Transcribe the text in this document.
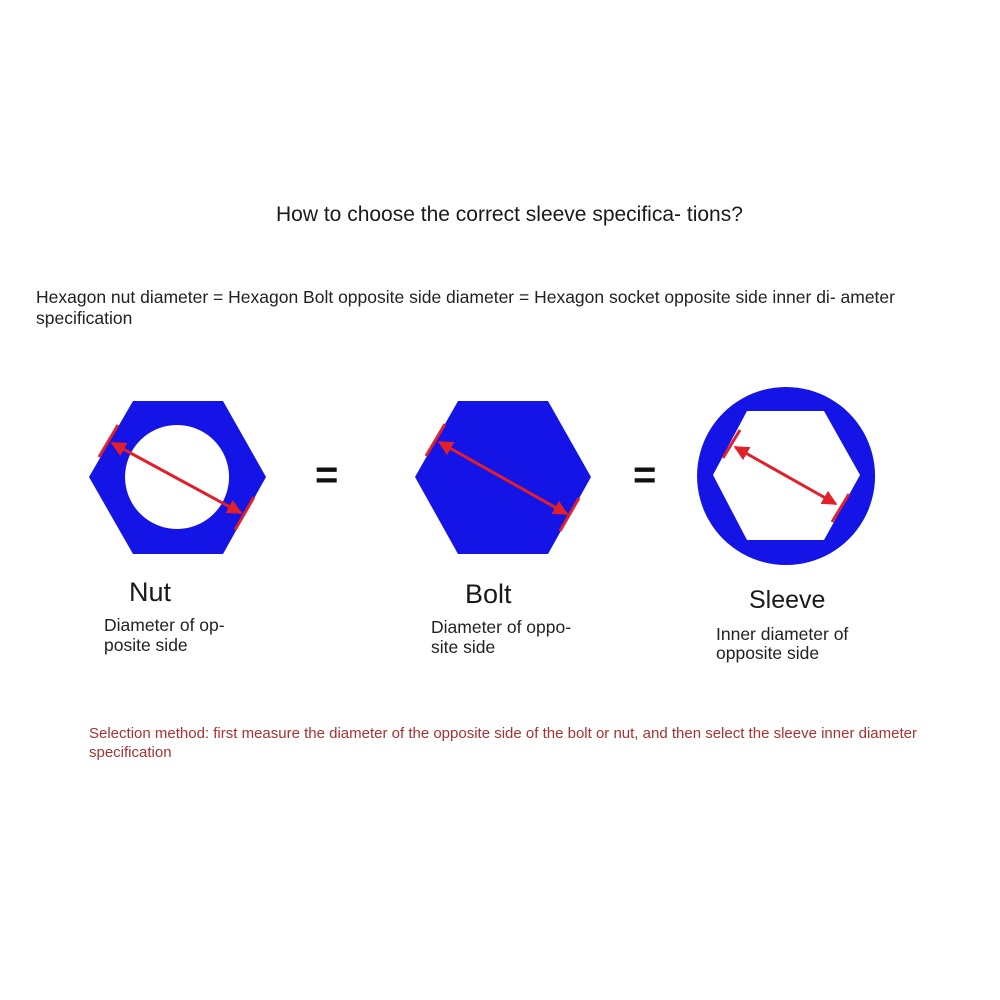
How to choose the correct sleeve specifica- tions?
Hexagon nut diameter = Hexagon Bolt opposite side diameter = Hexagon socket opposite side inner di- ameter specification
=	=
Nut
Diameter of op- posite side
Bolt
Diameter of oppo- site side
Sleeve
Inner diameter of opposite side
Selection method: first measure the diameter of the opposite side of the bolt or nut, and then select the sleeve inner diameter specification
